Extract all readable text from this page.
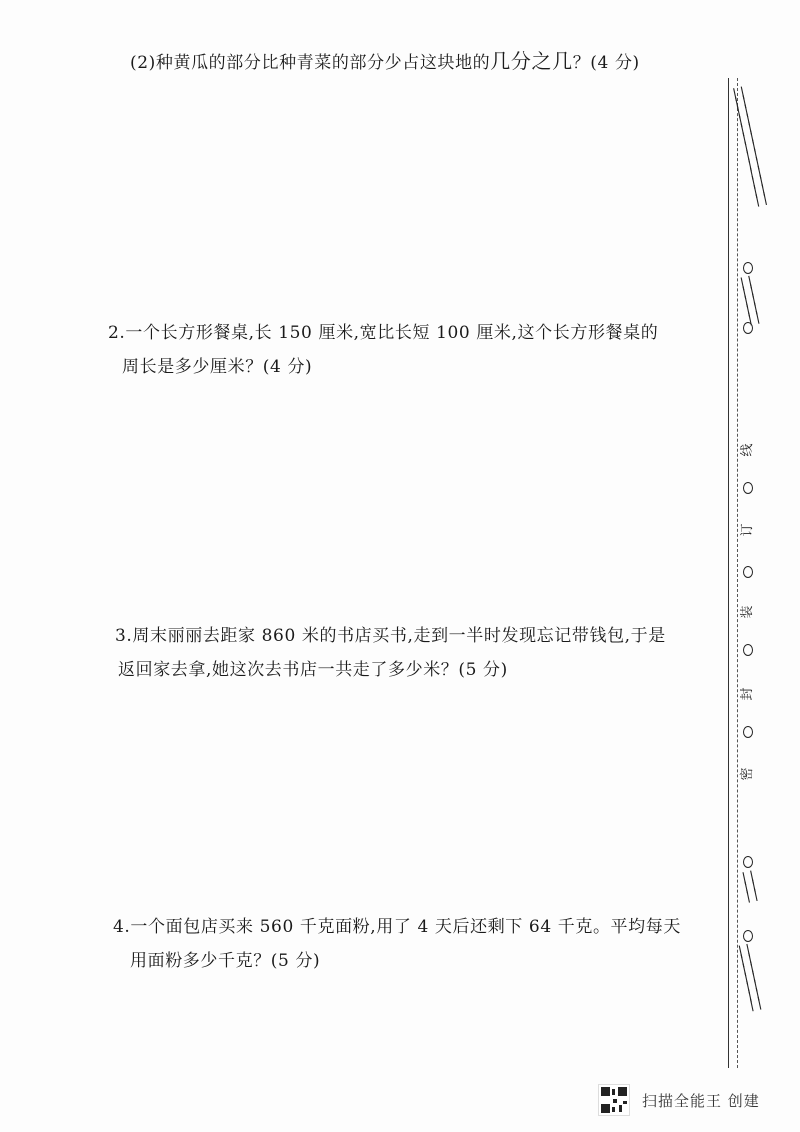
(2)种黄瓜的部分比种青菜的部分少占这块地的几分之几？(4 分)
2.一个长方形餐桌,长 150 厘米,宽比长短 100 厘米,这个长方形餐桌的
周长是多少厘米？(4 分)
3.周末丽丽去距家 860 米的书店买书,走到一半时发现忘记带钱包,于是
返回家去拿,她这次去书店一共走了多少米？(5 分)
4.一个面包店买来 560 千克面粉,用了 4 天后还剩下 64 千克。平均每天
用面粉多少千克？(5 分)
||||||||||||||||||||||||||
||||||||||
线
订
装
封
密
||||||
||||||||||||||
扫描全能王 创建
